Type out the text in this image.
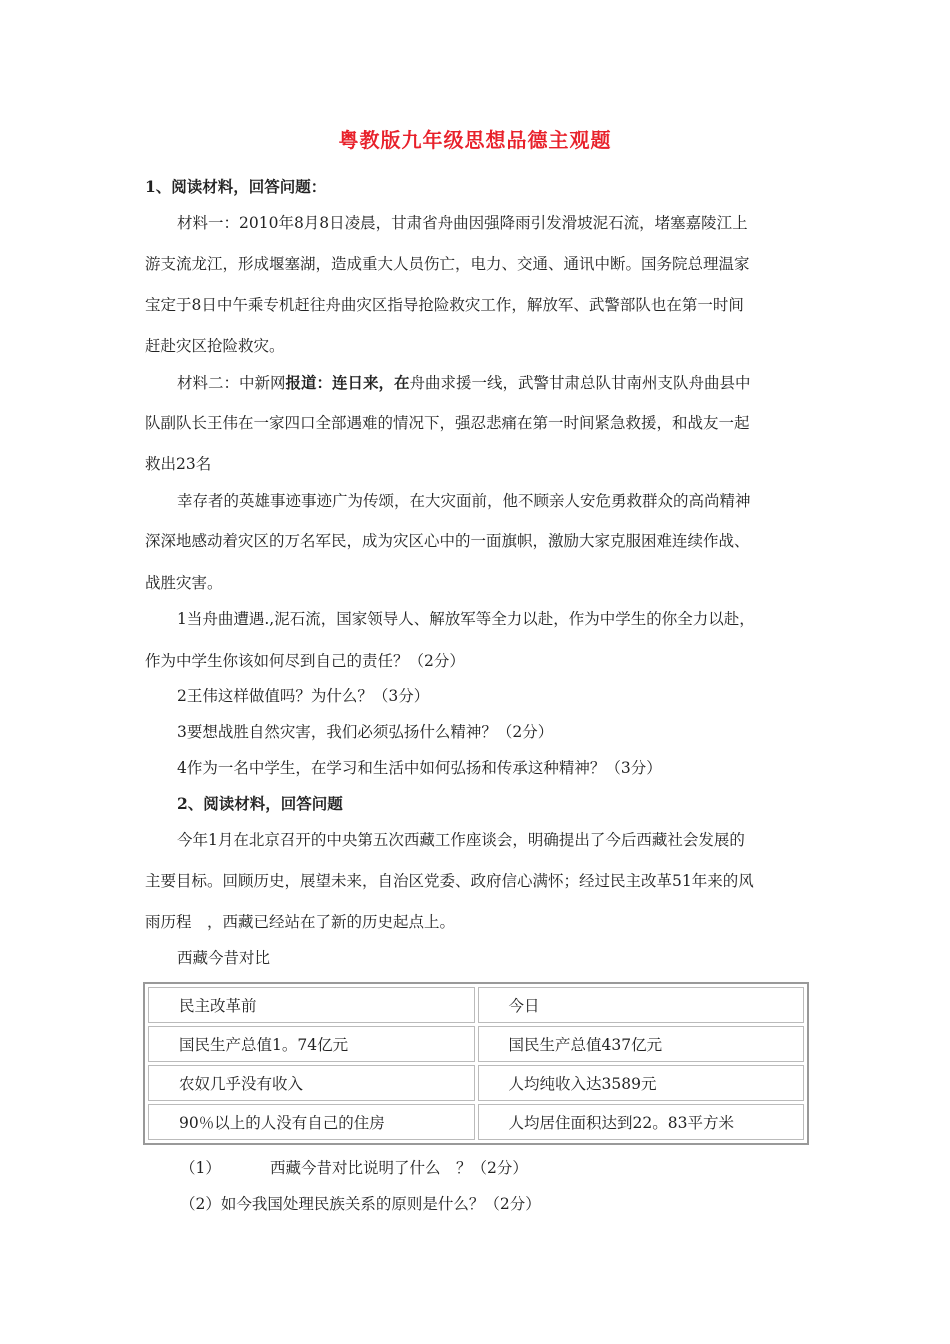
粤教版九年级思想品德主观题
1、阅读材料，回答问题：
材料一：2010年8月8日凌晨，甘肃省舟曲因强降雨引发滑坡泥石流，堵塞嘉陵江上
游支流龙江，形成堰塞湖，造成重大人员伤亡，电力、交通、通讯中断。国务院总理温家
宝定于8日中午乘专机赶往舟曲灾区指导抢险救灾工作，解放军、武警部队也在第一时间
赶赴灾区抢险救灾。
材料二：中新网报道：连日来，在舟曲求援一线，武警甘肃总队甘南州支队舟曲县中
队副队长王伟在一家四口全部遇难的情况下，强忍悲痛在第一时间紧急救援，和战友一起
救出23名
幸存者的英雄事迹事迹广为传颂，在大灾面前，他不顾亲人安危勇救群众的高尚精神
深深地感动着灾区的万名军民，成为灾区心中的一面旗帜，激励大家克服困难连续作战、
战胜灾害。
1当舟曲遭遇.,泥石流，国家领导人、解放军等全力以赴，作为中学生的你全力以赴，
作为中学生你该如何尽到自己的责任？（2分）
2王伟这样做值吗？为什么？（3分）
3要想战胜自然灾害，我们必须弘扬什么精神？（2分）
4作为一名中学生，在学习和生活中如何弘扬和传承这种精神？（3分）
2、阅读材料，回答问题
今年1月在北京召开的中央第五次西藏工作座谈会，明确提出了今后西藏社会发展的
主要目标。回顾历史，展望未来，自治区党委、政府信心满怀；经过民主改革51年来的风
雨历程　，西藏已经站在了新的历史起点上。
西藏今昔对比
民主改革前	今日
国民生产总值1。74亿元	国民生产总值437亿元
农奴几乎没有收入	人均纯收入达3589元
90％以上的人没有自己的住房	人均居住面积达到22。83平方米
（1）	西藏今昔对比说明了什么　？（2分）
（2）如今我国处理民族关系的原则是什么？（2分）
